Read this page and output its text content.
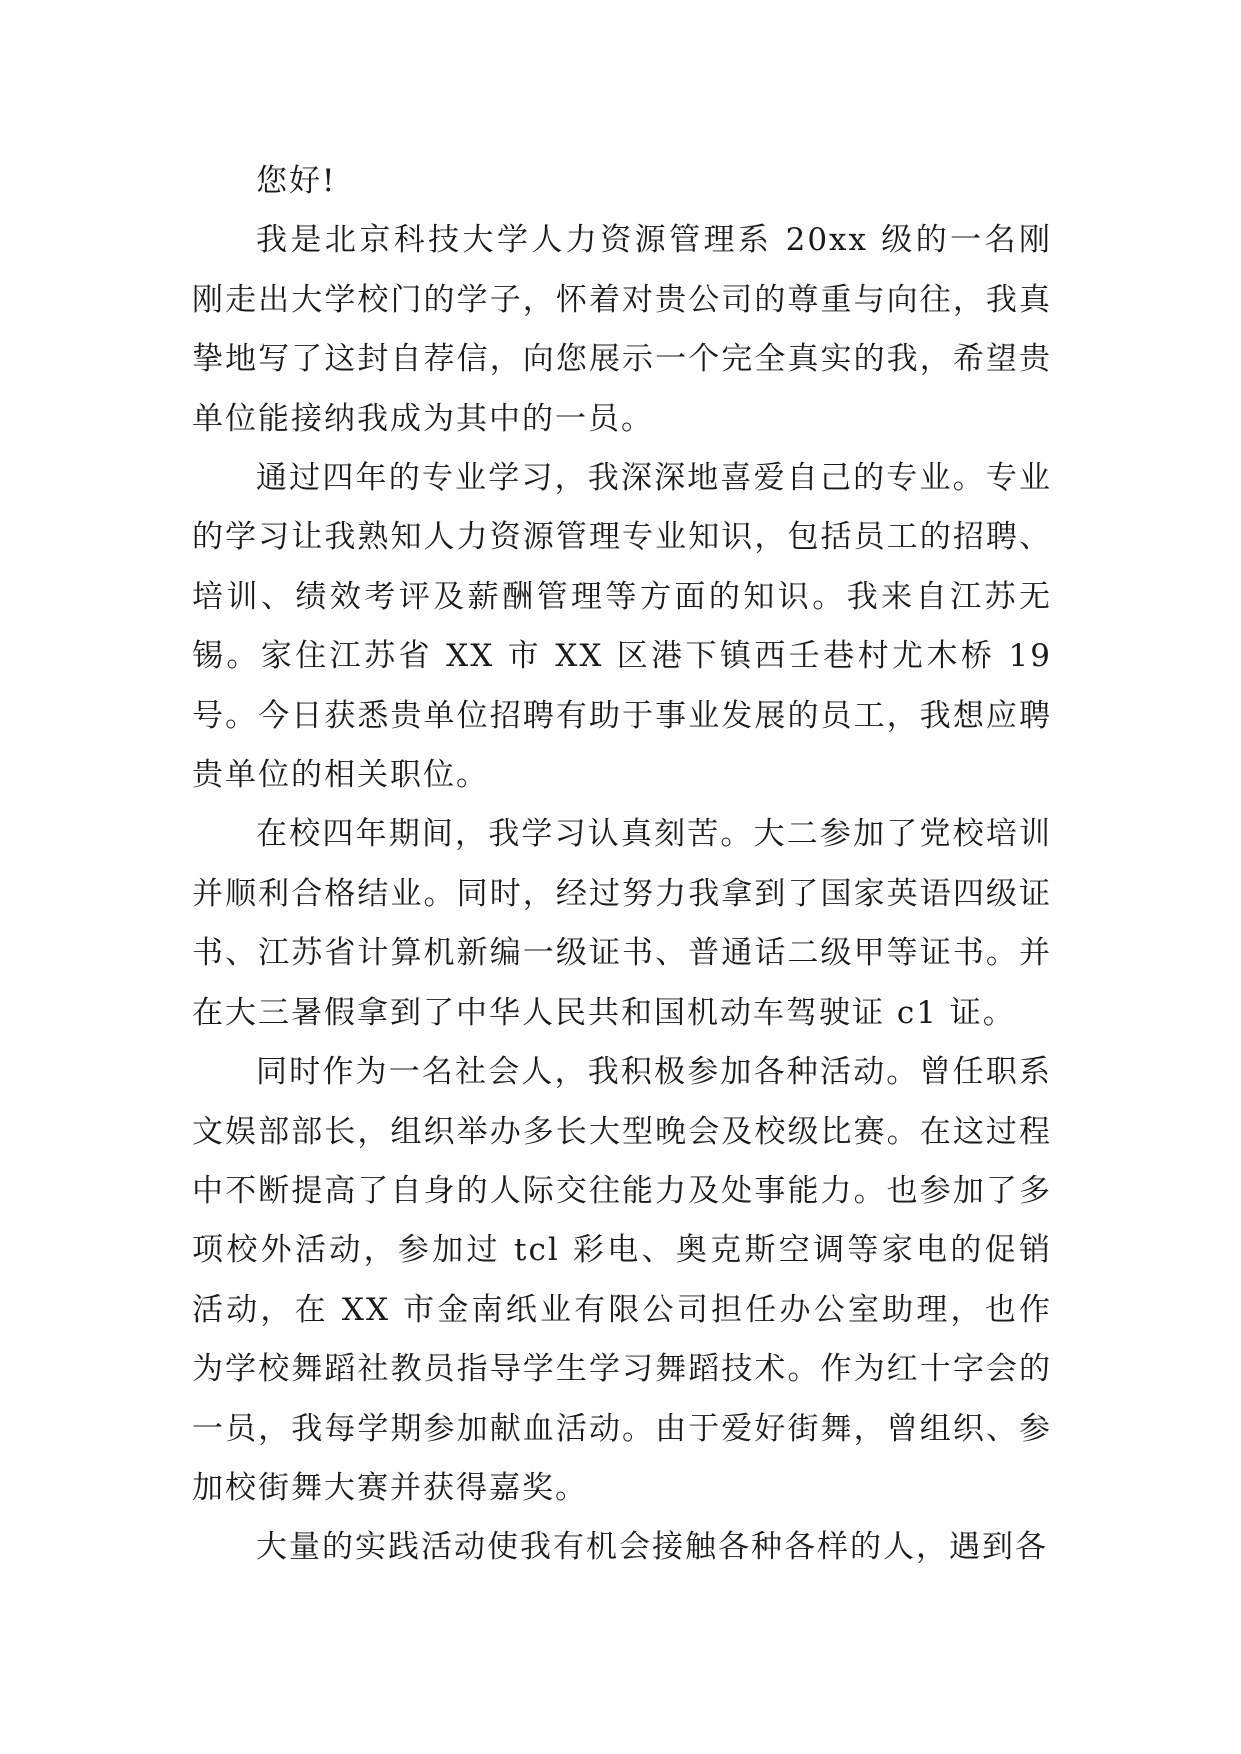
您好!

我是北京科技大学人力资源管理系 20xx 级的一名刚刚走出大学校门的学子，怀着对贵公司的尊重与向往，我真挚地写了这封自荐信，向您展示一个完全真实的我，希望贵单位能接纳我成为其中的一员。

通过四年的专业学习，我深深地喜爱自己的专业。专业的学习让我熟知人力资源管理专业知识，包括员工的招聘、培训、绩效考评及薪酬管理等方面的知识。我来自江苏无锡。家住江苏省 XX 市 XX 区港下镇西壬巷村尤木桥 19 号。今日获悉贵单位招聘有助于事业发展的员工，我想应聘贵单位的相关职位。

在校四年期间，我学习认真刻苦。大二参加了党校培训并顺利合格结业。同时，经过努力我拿到了国家英语四级证书、江苏省计算机新编一级证书、普通话二级甲等证书。并在大三暑假拿到了中华人民共和国机动车驾驶证 c1 证。

同时作为一名社会人，我积极参加各种活动。曾任职系文娱部部长，组织举办多长大型晚会及校级比赛。在这过程中不断提高了自身的人际交往能力及处事能力。也参加了多项校外活动，参加过 tcl 彩电、奥克斯空调等家电的促销活动，在 XX 市金南纸业有限公司担任办公室助理，也作为学校舞蹈社教员指导学生学习舞蹈技术。作为红十字会的一员，我每学期参加献血活动。由于爱好街舞，曾组织、参加校街舞大赛并获得嘉奖。

大量的实践活动使我有机会接触各种各样的人，遇到各
